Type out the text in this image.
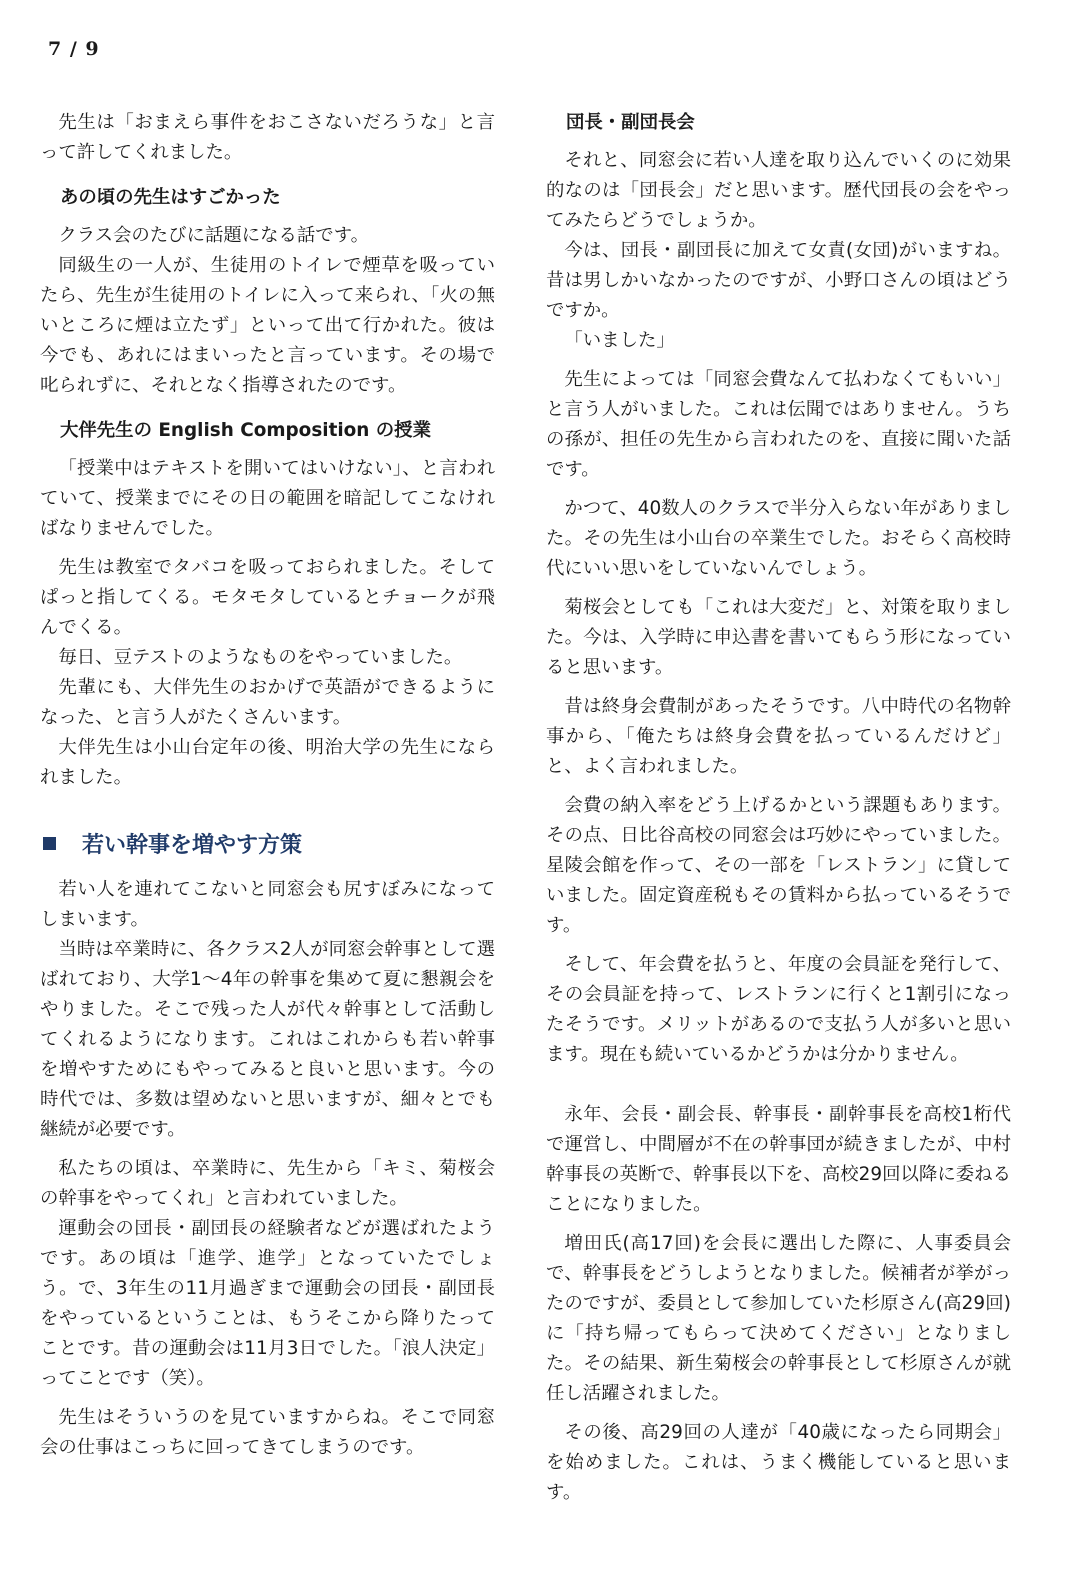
7 / 9

先生は「おまえら事件をおこさないだろうな」と言って許してくれました。

あの頃の先生はすごかった

クラス会のたびに話題になる話です。

同級生の一人が、生徒用のトイレで煙草を吸っていたら、先生が生徒用のトイレに入って来られ、「火の無いところに煙は立たず」といって出て行かれた。彼は今でも、あれにはまいったと言っています。その場で叱られずに、それとなく指導されたのです。

大伴先生の English Composition の授業

「授業中はテキストを開いてはいけない」、と言われていて、授業までにその日の範囲を暗記してこなければなりませんでした。

先生は教室でタバコを吸っておられました。そしてぱっと指してくる。モタモタしているとチョークが飛んでくる。

毎日、豆テストのようなものをやっていました。

先輩にも、大伴先生のおかげで英語ができるようになった、と言う人がたくさんいます。

大伴先生は小山台定年の後、明治大学の先生になられました。

若い幹事を増やす方策

若い人を連れてこないと同窓会も尻すぼみになってしまいます。

当時は卒業時に、各クラス2人が同窓会幹事として選ばれており、大学1～4年の幹事を集めて夏に懇親会をやりました。そこで残った人が代々幹事として活動してくれるようになります。これはこれからも若い幹事を増やすためにもやってみると良いと思います。今の時代では、多数は望めないと思いますが、細々とでも継続が必要です。

私たちの頃は、卒業時に、先生から「キミ、菊桜会の幹事をやってくれ」と言われていました。

運動会の団長・副団長の経験者などが選ばれたようです。あの頃は「進学、進学」となっていたでしょう。で、3年生の11月過ぎまで運動会の団長・副団長をやっているということは、もうそこから降りたってことです。昔の運動会は11月3日でした。「浪人決定」ってことです（笑）。

先生はそういうのを見ていますからね。そこで同窓会の仕事はこっちに回ってきてしまうのです。

団長・副団長会

それと、同窓会に若い人達を取り込んでいくのに効果的なのは「団長会」だと思います。歴代団長の会をやってみたらどうでしょうか。

今は、団長・副団長に加えて女責(女団)がいますね。昔は男しかいなかったのですが、小野口さんの頃はどうですか。

「いました」

先生によっては「同窓会費なんて払わなくてもいい」と言う人がいました。これは伝聞ではありません。うちの孫が、担任の先生から言われたのを、直接に聞いた話です。

かつて、40数人のクラスで半分入らない年がありました。その先生は小山台の卒業生でした。おそらく高校時代にいい思いをしていないんでしょう。

菊桜会としても「これは大変だ」と、対策を取りました。今は、入学時に申込書を書いてもらう形になっていると思います。

昔は終身会費制があったそうです。八中時代の名物幹事から、「俺たちは終身会費を払っているんだけど」と、よく言われました。

会費の納入率をどう上げるかという課題もあります。その点、日比谷高校の同窓会は巧妙にやっていました。星陵会館を作って、その一部を「レストラン」に貸していました。固定資産税もその賃料から払っているそうです。

そして、年会費を払うと、年度の会員証を発行して、その会員証を持って、レストランに行くと1割引になったそうです。メリットがあるので支払う人が多いと思います。現在も続いているかどうかは分かりません。

永年、会長・副会長、幹事長・副幹事長を高校1桁代で運営し、中間層が不在の幹事団が続きましたが、中村幹事長の英断で、幹事長以下を、高校29回以降に委ねることになりました。

増田氏(高17回)を会長に選出した際に、人事委員会で、幹事長をどうしようとなりました。候補者が挙がったのですが、委員として参加していた杉原さん(高29回)に「持ち帰ってもらって決めてください」となりました。その結果、新生菊桜会の幹事長として杉原さんが就任し活躍されました。

その後、高29回の人達が「40歳になったら同期会」を始めました。これは、うまく機能していると思います。
